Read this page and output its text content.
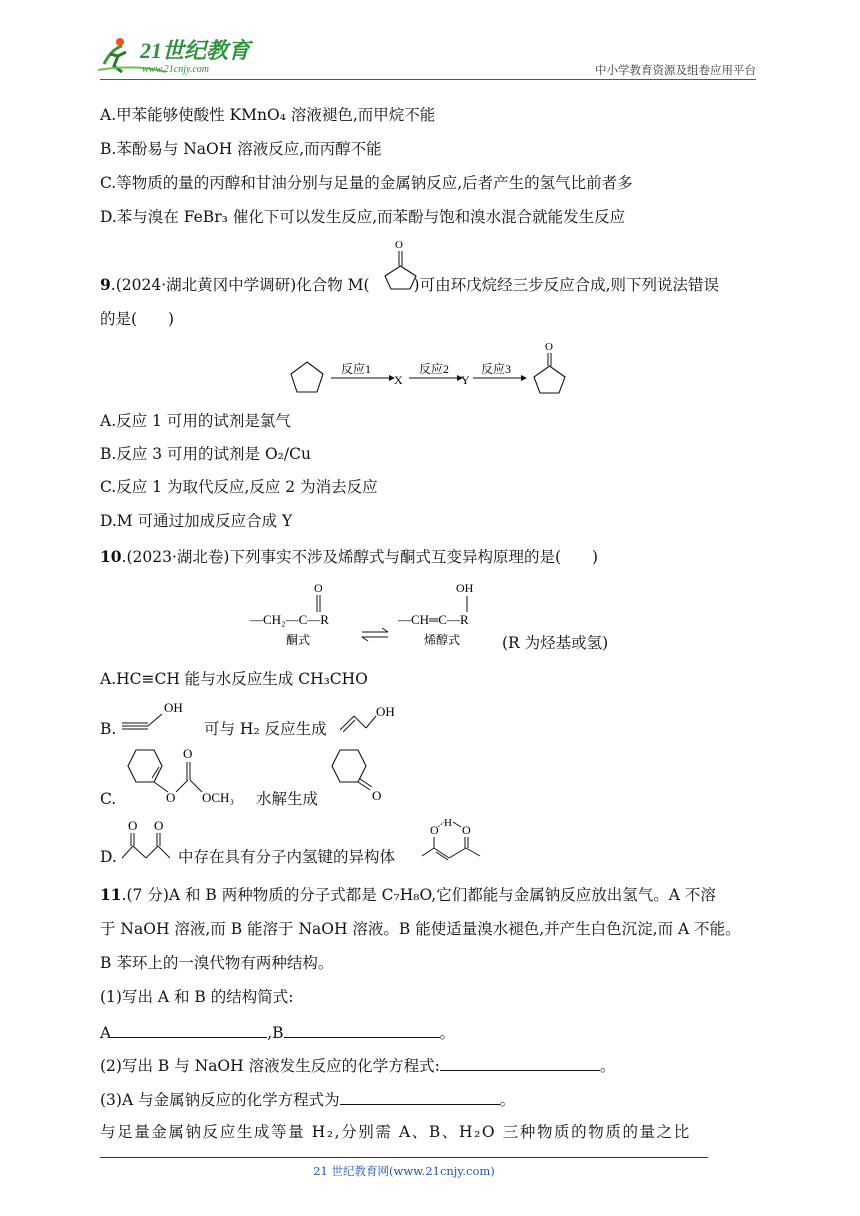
21世纪教育
www.21cnjy.com	中小学教育资源及组卷应用平台
A.甲苯能够使酸性 KMnO₄ 溶液褪色,而甲烷不能
B.苯酚易与 NaOH 溶液反应,而丙醇不能
C.等物质的量的丙醇和甘油分别与足量的金属钠反应,后者产生的氢气比前者多
D.苯与溴在 FeBr₃ 催化下可以发生反应,而苯酚与饱和溴水混合就能发生反应
9.(2024·湖北黄冈中学调研)化合物 M(	)可由环戊烷经三步反应合成,则下列说法错误
O
的是(　　)
反应1
X
反应2
Y
反应3
O
A.反应 1 可用的试剂是氯气
B.反应 3 可用的试剂是 O₂/Cu
C.反应 1 为取代反应,反应 2 为消去反应
D.M 可通过加成反应合成 Y
10.(2023·湖北卷)下列事实不涉及烯醇式与酮式互变异构原理的是(　　)
O
—CH₂—C—R
酮式
OH
—CH═C—R
烯醇式	(R 为烃基或氢)
A.HC≡CH 能与水反应生成 CH₃CHO
B.
OH
可与 H₂ 反应生成
OH
C.	O
O
OCH₃ 水解生成	O
D.
O O
中存在具有分子内氢键的异构体
O H O
11.(7 分)A 和 B 两种物质的分子式都是 C₇H₈O,它们都能与金属钠反应放出氢气。A 不溶
于 NaOH 溶液,而 B 能溶于 NaOH 溶液。B 能使适量溴水褪色,并产生白色沉淀,而 A 不能。
B 苯环上的一溴代物有两种结构。
(1)写出 A 和 B 的结构简式:
A	,B	。
(2)写出 B 与 NaOH 溶液发生反应的化学方程式:	。
(3)A 与金属钠反应的化学方程式为	。
与足量金属钠反应生成等量 H₂,分别需 A、B、H₂O 三种物质的物质的量之比
21 世纪教育网(www.21cnjy.com)
